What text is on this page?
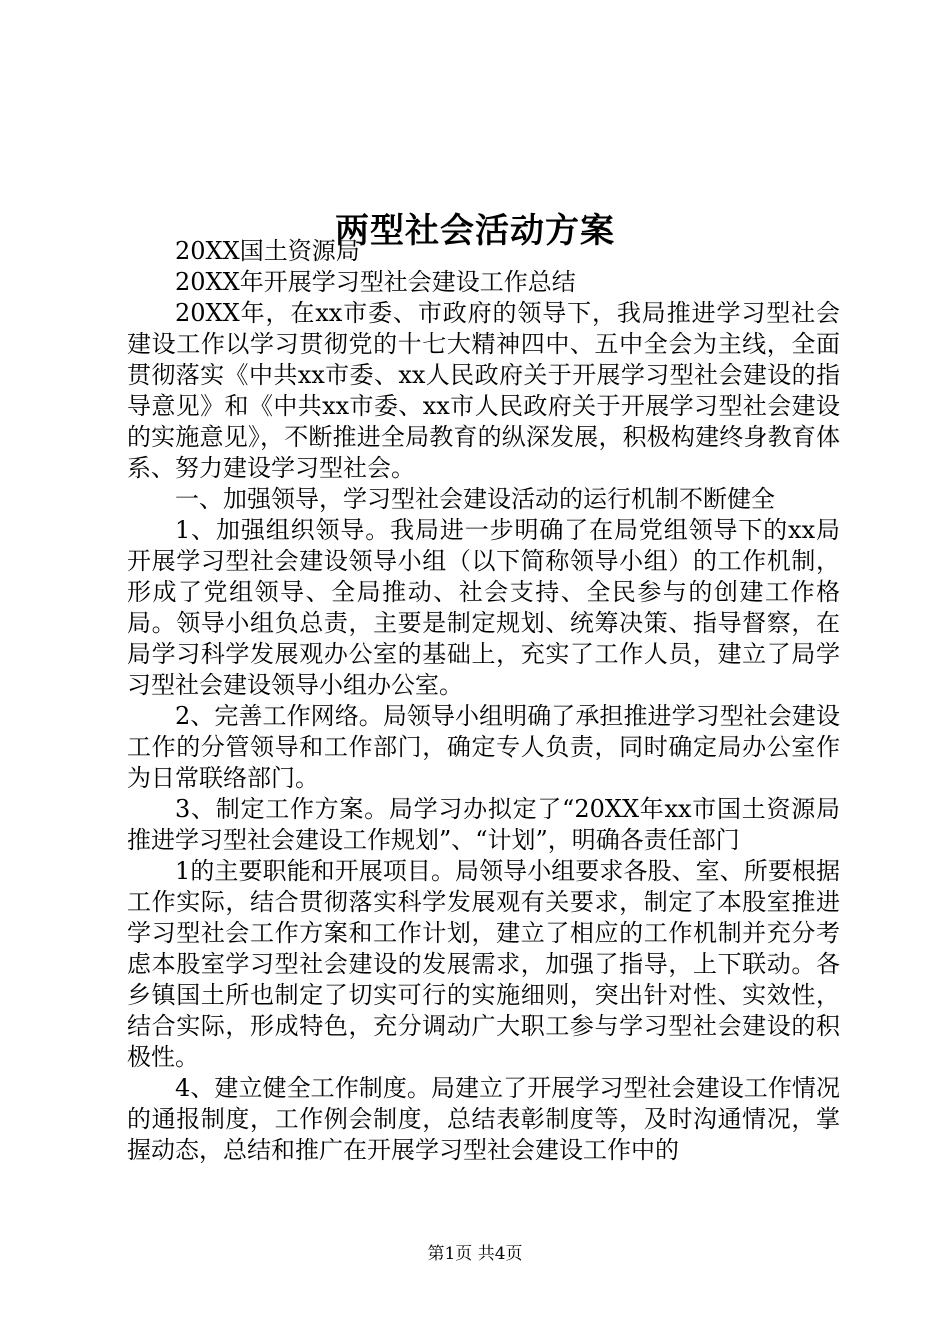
两型社会活动方案

20XX国土资源局

20XX年开展学习型社会建设工作总结

20XX年，在xx市委、市政府的领导下，我局推进学习型社会建设工作以学习贯彻党的十七大精神四中、五中全会为主线，全面贯彻落实《中共xx市委、xx人民政府关于开展学习型社会建设的指导意见》和《中共xx市委、xx市人民政府关于开展学习型社会建设的实施意见》，不断推进全局教育的纵深发展，积极构建终身教育体系、努力建设学习型社会。

一、加强领导，学习型社会建设活动的运行机制不断健全

1、加强组织领导。我局进一步明确了在局党组领导下的xx局开展学习型社会建设领导小组（以下简称领导小组）的工作机制，形成了党组领导、全局推动、社会支持、全民参与的创建工作格局。领导小组负总责，主要是制定规划、统筹决策、指导督察，在局学习科学发展观办公室的基础上，充实了工作人员，建立了局学习型社会建设领导小组办公室。

2、完善工作网络。局领导小组明确了承担推进学习型社会建设工作的分管领导和工作部门，确定专人负责，同时确定局办公室作为日常联络部门。

3、制定工作方案。局学习办拟定了“20XX年xx市国土资源局推进学习型社会建设工作规划”、“计划”，明确各责任部门

1的主要职能和开展项目。局领导小组要求各股、室、所要根据工作实际，结合贯彻落实科学发展观有关要求，制定了本股室推进学习型社会工作方案和工作计划，建立了相应的工作机制并充分考虑本股室学习型社会建设的发展需求，加强了指导，上下联动。各乡镇国土所也制定了切实可行的实施细则，突出针对性、实效性，结合实际，形成特色，充分调动广大职工参与学习型社会建设的积极性。

4、建立健全工作制度。局建立了开展学习型社会建设工作情况的通报制度，工作例会制度，总结表彰制度等，及时沟通情况，掌握动态，总结和推广在开展学习型社会建设工作中的

第1页 共4页
